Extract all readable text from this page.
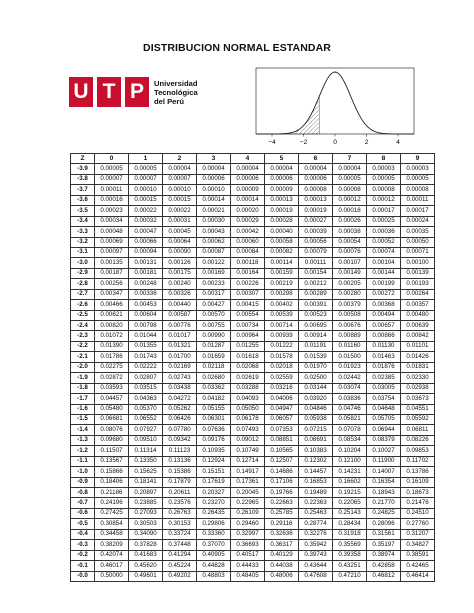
DISTRIBUCION NORMAL ESTANDAR
U T P	Universidad
Tecnológica
del Perú
−4	−2	0	2	4
Z	0	1	2	3	4	5	6	7	8	9
-3.9	0.00005	0.00005	0.00004	0.00004	0.00004	0.00004	0.00004	0.00004	0.00003	0.00003
-3.8	0.00007	0.00007	0.00007	0.00006	0.00006	0.00006	0.00006	0.00005	0.00005	0.00005
-3.7	0.00011	0.00010	0.00010	0.00010	0.00009	0.00009	0.00008	0.00008	0.00008	0.00008
-3.6	0.00016	0.00015	0.00015	0.00014	0.00014	0.00013	0.00013	0.00012	0.00012	0.00011
-3.5	0.00023	0.00022	0.00022	0.00021	0.00020	0.00019	0.00019	0.00018	0.00017	0.00017
-3.4	0.00034	0.00032	0.00031	0.00030	0.00029	0.00028	0.00027	0.00026	0.00025	0.00024
-3.3	0.00048	0.00047	0.00045	0.00043	0.00042	0.00040	0.00039	0.00038	0.00036	0.00035
-3.2	0.00069	0.00066	0.00064	0.00062	0.00060	0.00058	0.00056	0.00054	0.00052	0.00050
-3.1	0.00097	0.00094	0.00090	0.00087	0.00084	0.00082	0.00079	0.00076	0.00074	0.00071
-3.0	0.00135	0.00131	0.00126	0.00122	0.00118	0.00114	0.00111	0.00107	0.00104	0.00100
-2.9	0.00187	0.00181	0.00175	0.00169	0.00164	0.00159	0.00154	0.00149	0.00144	0.00139
-2.8	0.00256	0.00248	0.00240	0.00233	0.00226	0.00219	0.00212	0.00205	0.00199	0.00193
-2.7	0.00347	0.00336	0.00326	0.00317	0.00307	0.00298	0.00289	0.00280	0.00272	0.00264
-2.6	0.00466	0.00453	0.00440	0.00427	0.00415	0.00402	0.00391	0.00379	0.00368	0.00357
-2.5	0.00621	0.00604	0.00587	0.00570	0.00554	0.00539	0.00523	0.00508	0.00494	0.00480
-2.4	0.00820	0.00798	0.00776	0.00755	0.00734	0.00714	0.00695	0.00676	0.00657	0.00639
-2.3	0.01072	0.01044	0.01017	0.00990	0.00964	0.00939	0.00914	0.00889	0.00866	0.00842
-2.2	0.01390	0.01355	0.01321	0.01287	0.01255	0.01222	0.01191	0.01160	0.01130	0.01101
-2.1	0.01786	0.01743	0.01700	0.01659	0.01618	0.01578	0.01539	0.01500	0.01463	0.01426
-2.0	0.02275	0.02222	0.02169	0.02118	0.02068	0.02018	0.01970	0.01923	0.01876	0.01831
-1.9	0.02872	0.02807	0.02743	0.02680	0.02619	0.02559	0.02500	0.02442	0.02385	0.02330
-1.8	0.03593	0.03515	0.03438	0.03362	0.03288	0.03216	0.03144	0.03074	0.03005	0.02938
-1.7	0.04457	0.04363	0.04272	0.04182	0.04093	0.04006	0.03920	0.03836	0.03754	0.03673
-1.6	0.05480	0.05370	0.05262	0.05155	0.05050	0.04947	0.04846	0.04746	0.04648	0.04551
-1.5	0.06681	0.06552	0.06426	0.06301	0.06178	0.06057	0.05938	0.05821	0.05705	0.05592
-1.4	0.08076	0.07927	0.07780	0.07636	0.07493	0.07353	0.07215	0.07078	0.06944	0.06811
-1.3	0.09680	0.09510	0.09342	0.09176	0.09012	0.08851	0.08691	0.08534	0.08379	0.08226
-1.2	0.11507	0.11314	0.11123	0.10935	0.10749	0.10565	0.10383	0.10204	0.10027	0.09853
-1.1	0.13567	0.13350	0.13136	0.12924	0.12714	0.12507	0.12302	0.12100	0.11900	0.11702
-1.0	0.15866	0.15625	0.15386	0.15151	0.14917	0.14686	0.14457	0.14231	0.14007	0.13786
-0.9	0.18406	0.18141	0.17879	0.17619	0.17361	0.17106	0.16853	0.16602	0.16354	0.16109
-0.8	0.21186	0.20897	0.20611	0.20327	0.20045	0.19766	0.19489	0.19215	0.18943	0.18673
-0.7	0.24196	0.23885	0.23576	0.23270	0.22965	0.22663	0.22363	0.22065	0.21770	0.21476
-0.6	0.27425	0.27093	0.26763	0.26435	0.26109	0.25785	0.25463	0.25143	0.24825	0.24510
-0.5	0.30854	0.30503	0.30153	0.29806	0.29460	0.29116	0.28774	0.28434	0.28096	0.27760
-0.4	0.34458	0.34090	0.33724	0.33360	0.32997	0.32636	0.32276	0.31918	0.31561	0.31207
-0.3	0.38209	0.37828	0.37448	0.37070	0.36693	0.36317	0.35942	0.35569	0.35197	0.34827
-0.2	0.42074	0.41683	0.41294	0.40905	0.40517	0.40129	0.39743	0.39358	0.38974	0.38591
-0.1	0.46017	0.45620	0.45224	0.44828	0.44433	0.44038	0.43644	0.43251	0.42858	0.42465
-0.0	0.50000	0.49601	0.49202	0.48803	0.48405	0.48006	0.47608	0.47210	0.46812	0.46414
